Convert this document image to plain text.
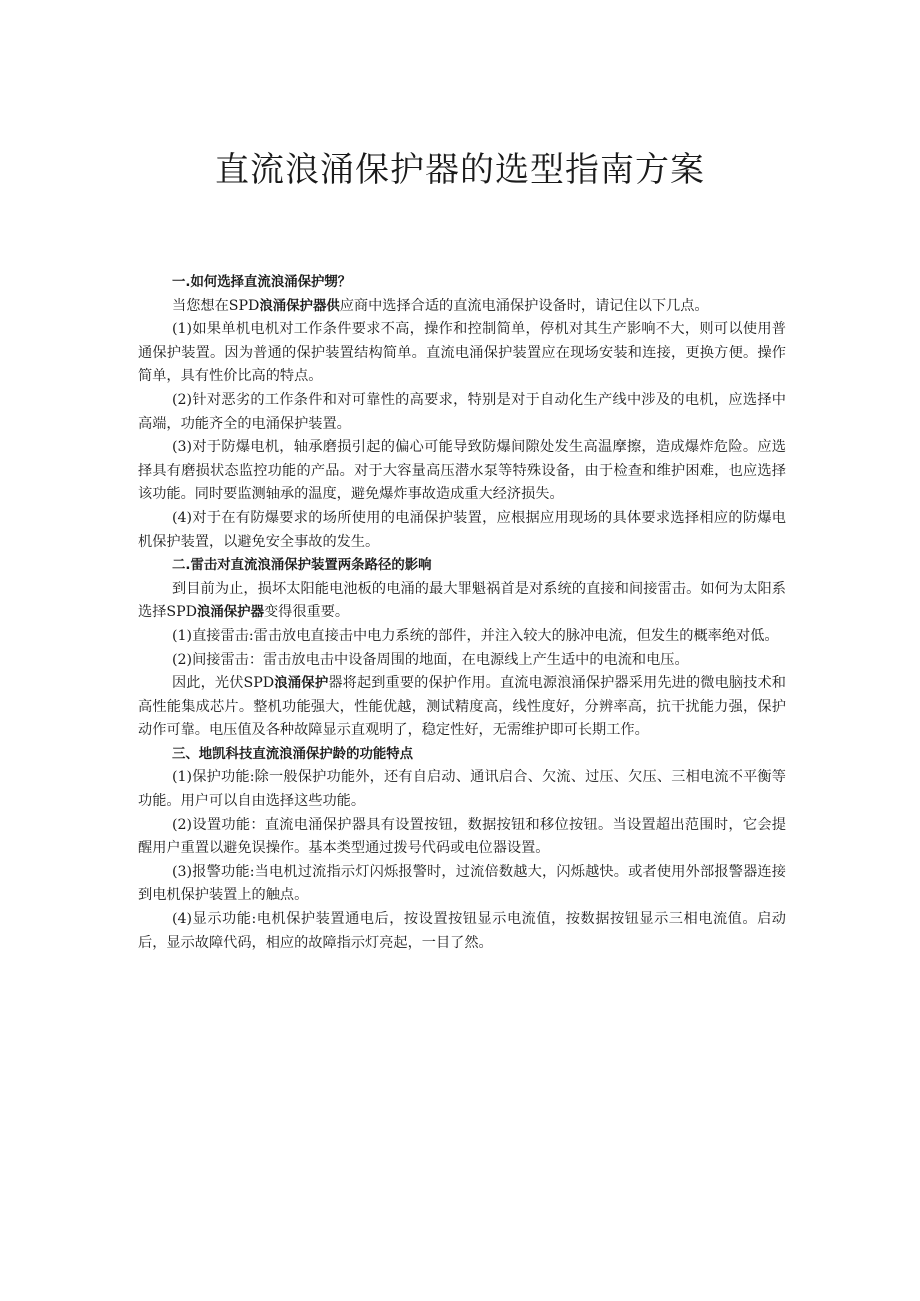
直流浪涌保护器的选型指南方案

一.如何选择直流浪涌保护甥？

当您想在SPD浪涌保护器供应商中选择合适的直流电涌保护设备时，请记住以下几点。

(1)如果单机电机对工作条件要求不高，操作和控制简单，停机对其生产影响不大，则可以使用普通保护装置。因为普通的保护装置结构简单。直流电涌保护装置应在现场安装和连接，更换方便。操作简单，具有性价比高的特点。

(2)针对恶劣的工作条件和对可靠性的高要求，特别是对于自动化生产线中涉及的电机，应选择中高端，功能齐全的电涌保护装置。

(3)对于防爆电机，轴承磨损引起的偏心可能导致防爆间隙处发生高温摩擦，造成爆炸危险。应选择具有磨损状态监控功能的产品。对于大容量高压潜水泵等特殊设备，由于检查和维护困难，也应选择该功能。同时要监测轴承的温度，避免爆炸事故造成重大经济损失。

(4)对于在有防爆要求的场所使用的电涌保护装置，应根据应用现场的具体要求选择相应的防爆电机保护装置，以避免安全事故的发生。

二.雷击对直流浪涌保护装置两条路径的影响

到目前为止，损坏太阳能电池板的电涌的最大罪魁祸首是对系统的直接和间接雷击。如何为太阳系选择SPD浪涌保护器变得很重要。

(1)直接雷击:雷击放电直接击中电力系统的部件，并注入较大的脉冲电流，但发生的概率绝对低。

(2)间接雷击：雷击放电击中设备周围的地面，在电源线上产生适中的电流和电压。

因此，光伏SPD浪涌保护器将起到重要的保护作用。直流电源浪涌保护器采用先进的微电脑技术和高性能集成芯片。整机功能强大，性能优越，测试精度高，线性度好，分辨率高，抗干扰能力强，保护动作可靠。电压值及各种故障显示直观明了，稳定性好，无需维护即可长期工作。

三、地凯科技直流浪涌保护龄的功能特点

(1)保护功能:除一般保护功能外，还有自启动、通讯启合、欠流、过压、欠压、三相电流不平衡等功能。用户可以自由选择这些功能。

(2)设置功能：直流电涌保护器具有设置按钮，数据按钮和移位按钮。当设置超出范围时，它会提醒用户重置以避免误操作。基本类型通过拨号代码或电位器设置。

(3)报警功能:当电机过流指示灯闪烁报警时，过流倍数越大，闪烁越快。或者使用外部报警器连接到电机保护装置上的触点。

(4)显示功能:电机保护装置通电后，按设置按钮显示电流值，按数据按钮显示三相电流值。启动后，显示故障代码，相应的故障指示灯亮起，一目了然。
